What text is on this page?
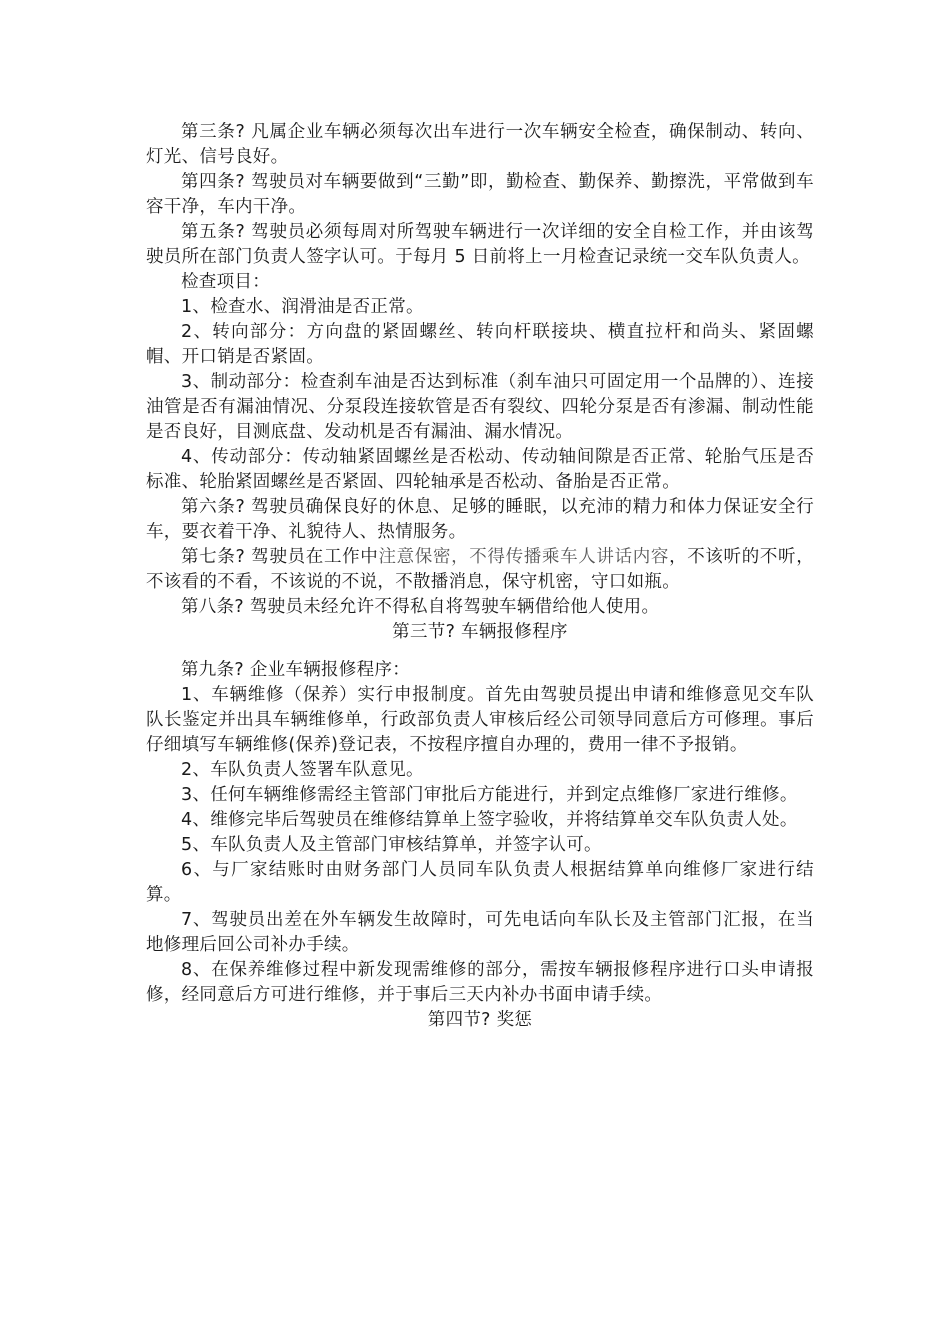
第三条? 凡属企业车辆必须每次出车进行一次车辆安全检查，确保制动、转向、灯光、信号良好。

第四条? 驾驶员对车辆要做到“三勤”即，勤检查、勤保养、勤擦洗，平常做到车容干净，车内干净。

第五条? 驾驶员必须每周对所驾驶车辆进行一次详细的安全自检工作，并由该驾驶员所在部门负责人签字认可。于每月 5 日前将上一月检查记录统一交车队负责人。

检查项目：

1、检查水、润滑油是否正常。

2、转向部分：方向盘的紧固螺丝、转向杆联接块、横直拉杆和尚头、紧固螺帽、开口销是否紧固。

3、制动部分：检查刹车油是否达到标准（刹车油只可固定用一个品牌的）、连接油管是否有漏油情况、分泵段连接软管是否有裂纹、四轮分泵是否有渗漏、制动性能是否良好，目测底盘、发动机是否有漏油、漏水情况。

4、传动部分：传动轴紧固螺丝是否松动、传动轴间隙是否正常、轮胎气压是否标准、轮胎紧固螺丝是否紧固、四轮轴承是否松动、备胎是否正常。

第六条? 驾驶员确保良好的休息、足够的睡眠，以充沛的精力和体力保证安全行车，要衣着干净、礼貌待人、热情服务。

第七条? 驾驶员在工作中注意保密，不得传播乘车人讲话内容，不该听的不听，不该看的不看，不该说的不说，不散播消息，保守机密，守口如瓶。

第八条? 驾驶员未经允许不得私自将驾驶车辆借给他人使用。

第三节? 车辆报修程序

第九条? 企业车辆报修程序：

1、车辆维修（保养）实行申报制度。首先由驾驶员提出申请和维修意见交车队队长鉴定并出具车辆维修单，行政部负责人审核后经公司领导同意后方可修理。事后仔细填写车辆维修(保养)登记表，不按程序擅自办理的，费用一律不予报销。

2、车队负责人签署车队意见。

3、任何车辆维修需经主管部门审批后方能进行，并到定点维修厂家进行维修。

4、维修完毕后驾驶员在维修结算单上签字验收，并将结算单交车队负责人处。

5、车队负责人及主管部门审核结算单，并签字认可。

6、与厂家结账时由财务部门人员同车队负责人根据结算单向维修厂家进行结算。

7、驾驶员出差在外车辆发生故障时，可先电话向车队长及主管部门汇报，在当地修理后回公司补办手续。

8、在保养维修过程中新发现需维修的部分，需按车辆报修程序进行口头申请报修，经同意后方可进行维修，并于事后三天内补办书面申请手续。

第四节? 奖惩
